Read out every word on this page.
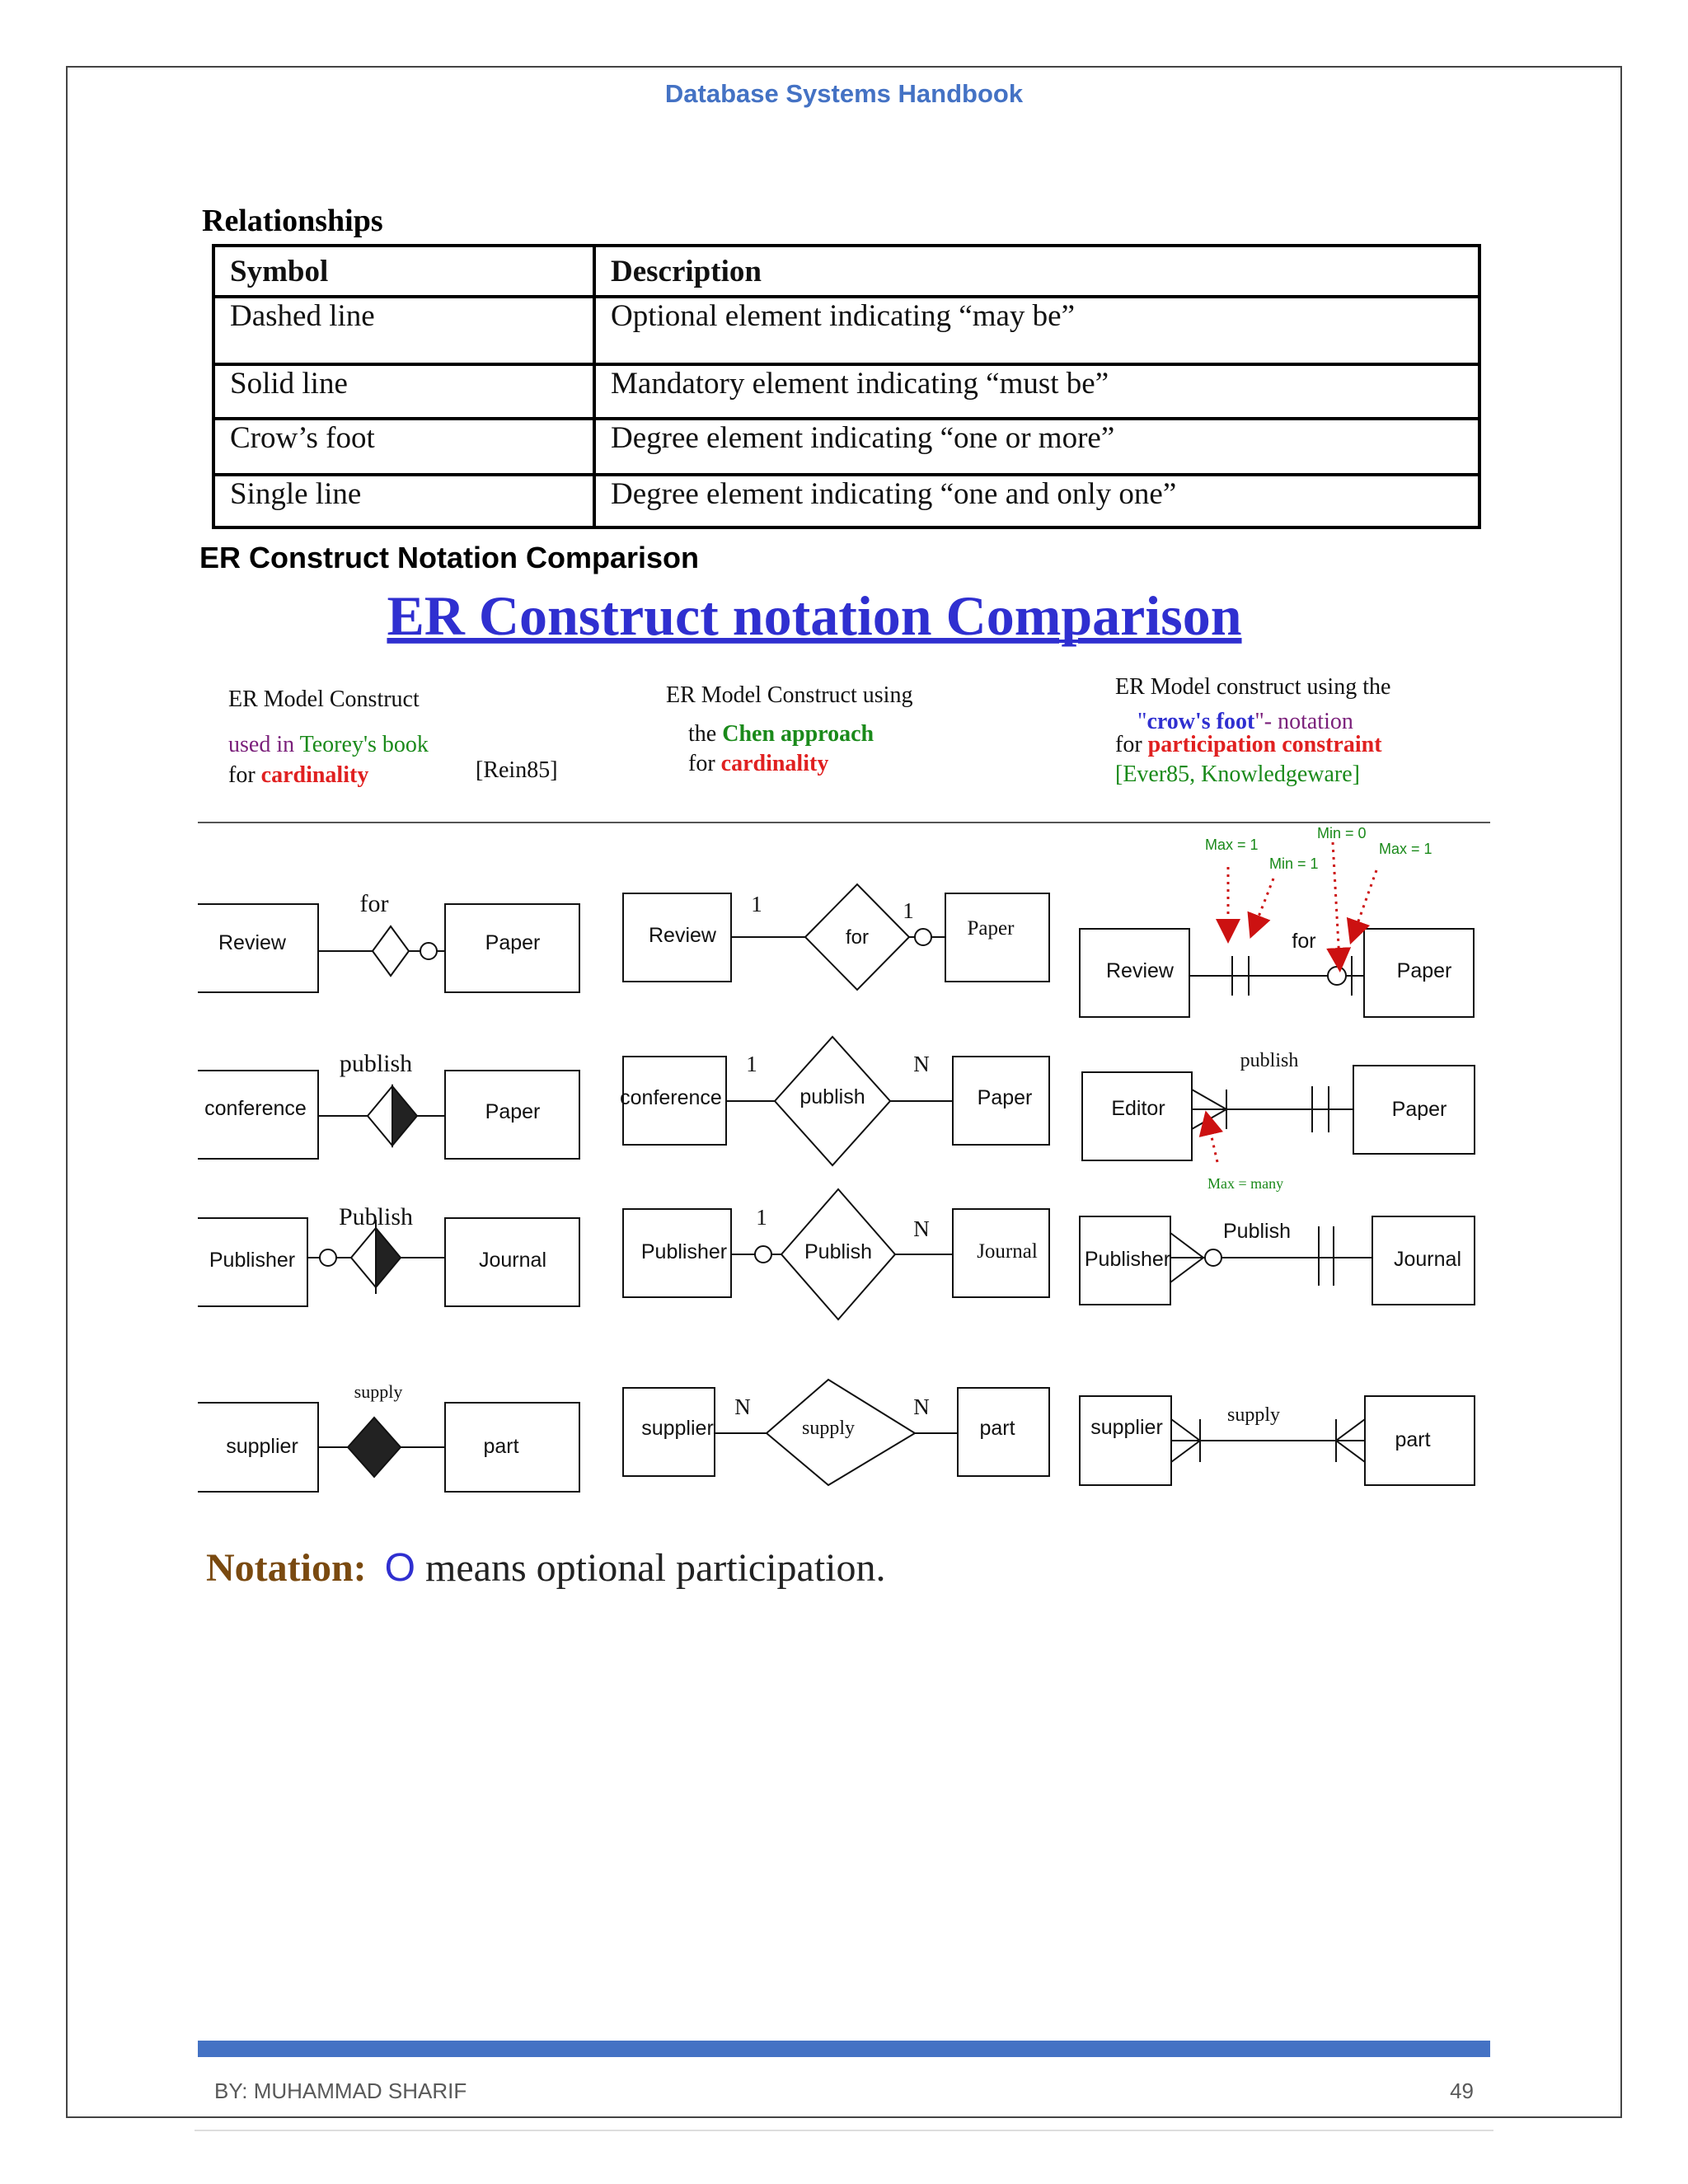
Database Systems Handbook
Relationships
Symbol	Description
Dashed line	Optional element indicating “may be”
Solid line	Mandatory element indicating “must be”
Crow’s foot	Degree element indicating “one or more”
Single line	Degree element indicating “one and only one”
ER Construct Notation Comparison
ER Construct notation Comparison
ER Model Construct
used in Teorey's book
for cardinality	[Rein85]
ER Model Construct using
the Chen approach
for cardinality
ER Model construct using the
"crow's foot"- notation
for participation constraint
[Ever85, Knowledgeware]
Review
for
Paper	Review	for
1	1
Paper
Review
for
Paper
Max = 1
Min = 0
Min = 1
Max = 1
conference
publish
Paper
conference	publish
1	N
Paper	Editor
publish
Paper
Max = many
Publisher
Publish
Journal	Publisher	Publish
1	N
Journal Publisher
Publish
Journal
supplier
supply
part
supplier	supply
N	N
part	supplier
supply
part
Notation: O means optional participation.
BY: MUHAMMAD SHARIF	49
